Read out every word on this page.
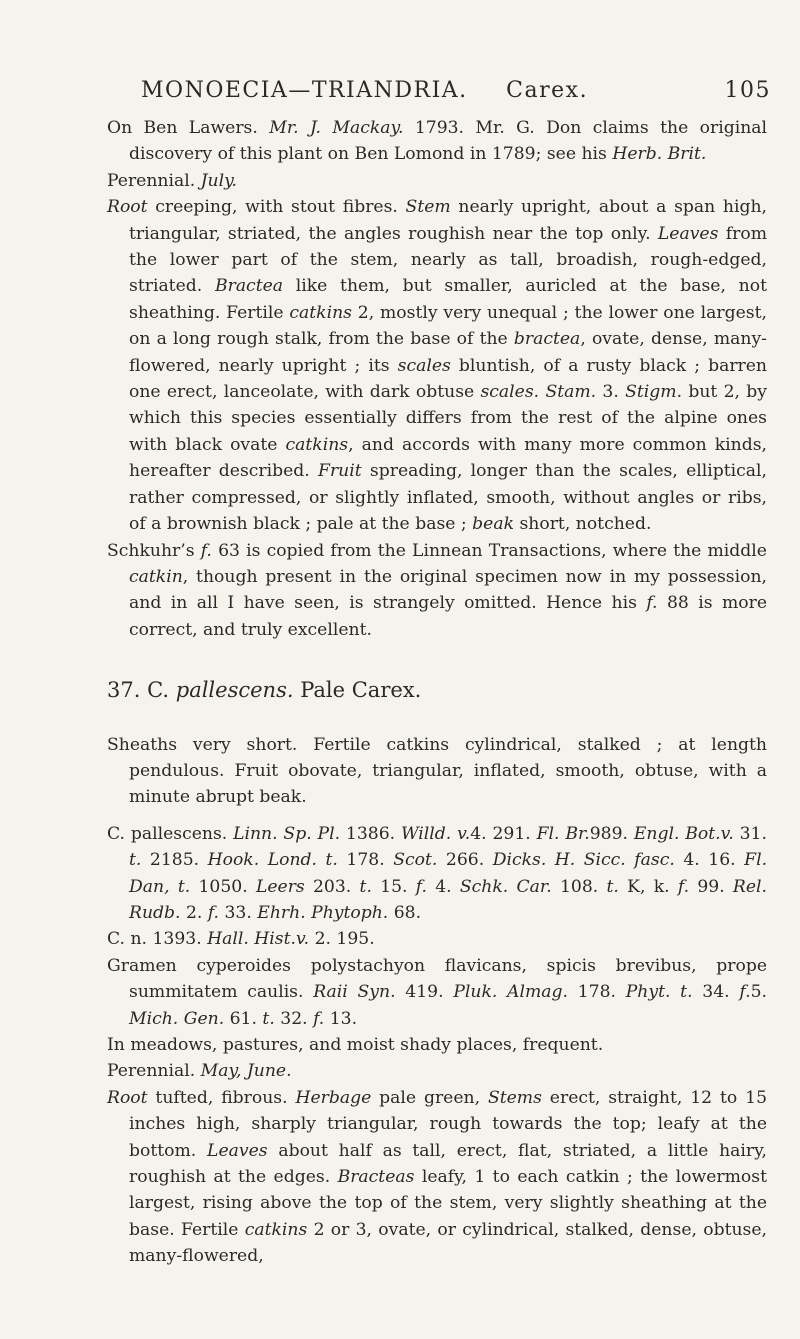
MONOECIA—TRIANDRIA. Carex.	105

On Ben Lawers. Mr. J. Mackay. 1793. Mr. G. Don claims the original discovery of this plant on Ben Lomond in 1789; see his Herb. Brit.

Perennial. July.

Root creeping, with stout fibres. Stem nearly upright, about a span high, triangular, striated, the angles roughish near the top only. Leaves from the lower part of the stem, nearly as tall, broadish, rough-edged, striated. Bractea like them, but smaller, auricled at the base, not sheathing. Fertile catkins 2, mostly very unequal ; the lower one largest, on a long rough stalk, from the base of the bractea, ovate, dense, many-flowered, nearly upright ; its scales bluntish, of a rusty black ; barren one erect, lanceolate, with dark obtuse scales. Stam. 3. Stigm. but 2, by which this species essentially differs from the rest of the alpine ones with black ovate catkins, and accords with many more common kinds, hereafter described. Fruit spreading, longer than the scales, elliptical, rather compressed, or slightly inflated, smooth, without angles or ribs, of a brownish black ; pale at the base ; beak short, notched.

Schkuhr’s f. 63 is copied from the Linnean Transactions, where the middle catkin, though present in the original specimen now in my possession, and in all I have seen, is strangely omitted. Hence his f. 88 is more correct, and truly excellent.

37. C. pallescens. Pale Carex.

Sheaths very short. Fertile catkins cylindrical, stalked ; at length pendulous. Fruit obovate, triangular, inflated, smooth, obtuse, with a minute abrupt beak.

C. pallescens. Linn. Sp. Pl. 1386. Willd. v.4. 291. Fl. Br.989. Engl. Bot.v. 31. t. 2185. Hook. Lond. t. 178. Scot. 266. Dicks. H. Sicc. fasc. 4. 16. Fl. Dan, t. 1050. Leers 203. t. 15. f. 4. Schk. Car. 108. t. K, k. f. 99. Rel. Rudb. 2. f. 33. Ehrh. Phytoph. 68.

C. n. 1393. Hall. Hist.v. 2. 195.

Gramen cyperoides polystachyon flavicans, spicis brevibus, prope summitatem caulis. Raii Syn. 419. Pluk. Almag. 178. Phyt. t. 34. f.5. Mich. Gen. 61. t. 32. f. 13.

In meadows, pastures, and moist shady places, frequent.

Perennial. May, June.

Root tufted, fibrous. Herbage pale green, Stems erect, straight, 12 to 15 inches high, sharply triangular, rough towards the top; leafy at the bottom. Leaves about half as tall, erect, flat, striated, a little hairy, roughish at the edges. Bracteas leafy, 1 to each catkin ; the lowermost largest, rising above the top of the stem, very slightly sheathing at the base. Fertile catkins 2 or 3, ovate, or cylindrical, stalked, dense, obtuse, many-flowered,
